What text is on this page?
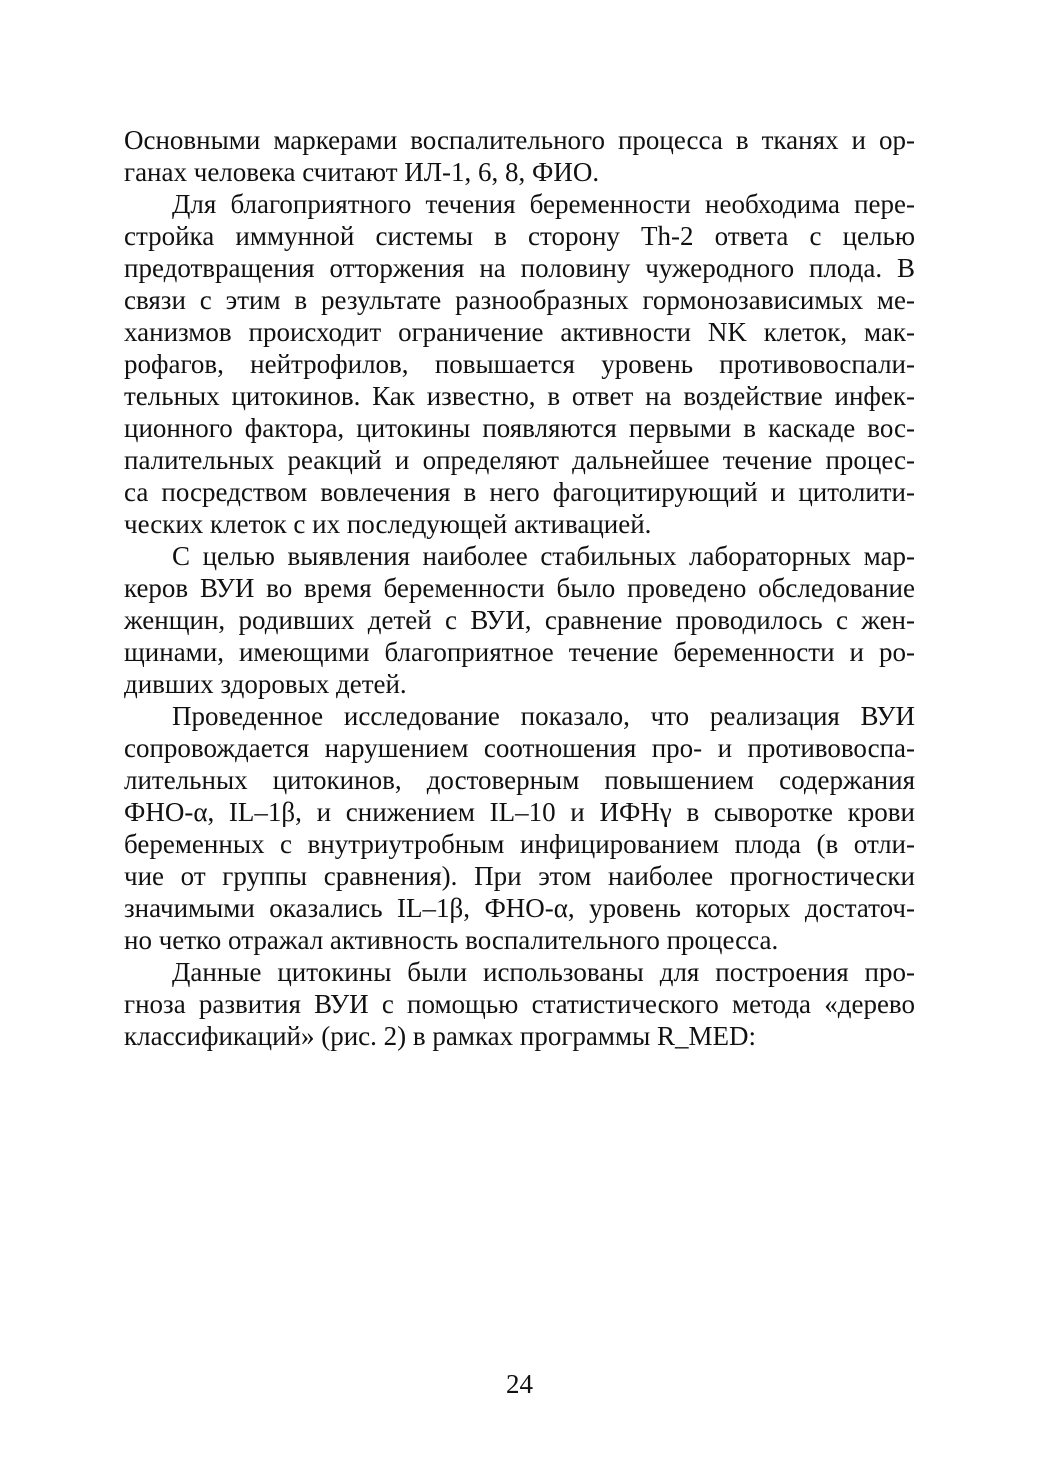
Основными маркерами воспалительного процесса в тканях и ор-
ганах человека считают ИЛ-1, 6, 8, ФИО.
Для благоприятного течения беременности необходима пере-
стройка иммунной системы в сторону Th-2 ответа с целью
предотвращения отторжения на половину чужеродного плода. В
связи с этим в результате разнообразных гормонозависимых ме-
ханизмов происходит ограничение активности NK клеток, мак-
рофагов, нейтрофилов, повышается уровень противовоспали-
тельных цитокинов. Как известно, в ответ на воздействие инфек-
ционного фактора, цитокины появляются первыми в каскаде вос-
палительных реакций и определяют дальнейшее течение процес-
са посредством вовлечения в него фагоцитирующий и цитолити-
ческих клеток с их последующей активацией.
С целью выявления наиболее стабильных лабораторных мар-
керов ВУИ во время беременности было проведено обследование
женщин, родивших детей с ВУИ, сравнение проводилось с жен-
щинами, имеющими благоприятное течение беременности и ро-
дивших здоровых детей.
Проведенное исследование показало, что реализация ВУИ
сопровождается нарушением соотношения про- и противовоспа-
лительных цитокинов, достоверным повышением содержания
ФНО-α, IL–1β, и снижением IL–10 и ИФНγ в сыворотке крови
беременных с внутриутробным инфицированием плода (в отли-
чие от группы сравнения). При этом наиболее прогностически
значимыми оказались IL–1β, ФНО-α, уровень которых достаточ-
но четко отражал активность воспалительного процесса.
Данные цитокины были использованы для построения про-
гноза развития ВУИ с помощью статистического метода «дерево
классификаций» (рис. 2) в рамках программы R_MED:
24
